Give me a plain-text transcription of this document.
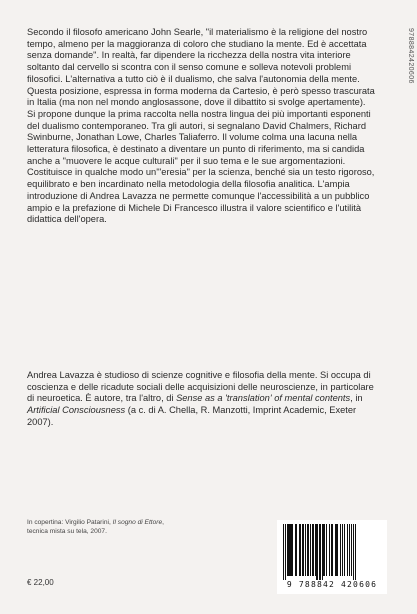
9788842420606

Secondo il filosofo americano John Searle, "il materialismo è la religione del nostro tempo, almeno per la maggioranza di coloro che studiano la mente. Ed è accettata senza domande". In realtà, far dipendere la ricchezza della nostra vita interiore soltanto dal cervello si scontra con il senso comune e solleva notevoli problemi filosofici. L'alternativa a tutto ciò è il dualismo, che salva l'autonomia della mente. Questa posizione, espressa in forma moderna da Cartesio, è però spesso trascurata in Italia (ma non nel mondo anglosassone, dove il dibattito si svolge apertamente). Si propone dunque la prima raccolta nella nostra lingua dei più importanti esponenti del dualismo contemporaneo. Tra gli autori, si segnalano David Chalmers, Richard Swinburne, Jonathan Lowe, Charles Taliaferro. Il volume colma una lacuna nella letteratura filosofica, è destinato a diventare un punto di riferimento, ma si candida anche a "muovere le acque culturali" per il suo tema e le sue argomentazioni. Costituisce in qualche modo un'"eresia" per la scienza, benché sia un testo rigoroso, equilibrato e ben incardinato nella metodologia della filosofia analitica. L'ampia introduzione di Andrea Lavazza ne permette comunque l'accessibilità a un pubblico ampio e la prefazione di Michele Di Francesco illustra il valore scientifico e l'utilità didattica dell'opera.

Andrea Lavazza è studioso di scienze cognitive e filosofia della mente. Si occupa di coscienza e delle ricadute sociali delle acquisizioni delle neuroscienze, in particolare di neuroetica. È autore, tra l'altro, di Sense as a 'translation' of mental contents, in Artificial Consciousness (a c. di A. Chella, R. Manzotti, Imprint Academic, Exeter 2007).
In copertina: Virgilio Patarini, Il sogno di Ettore,
tecnica mista su tela, 2007.
€ 22,00	9 788842 420606
